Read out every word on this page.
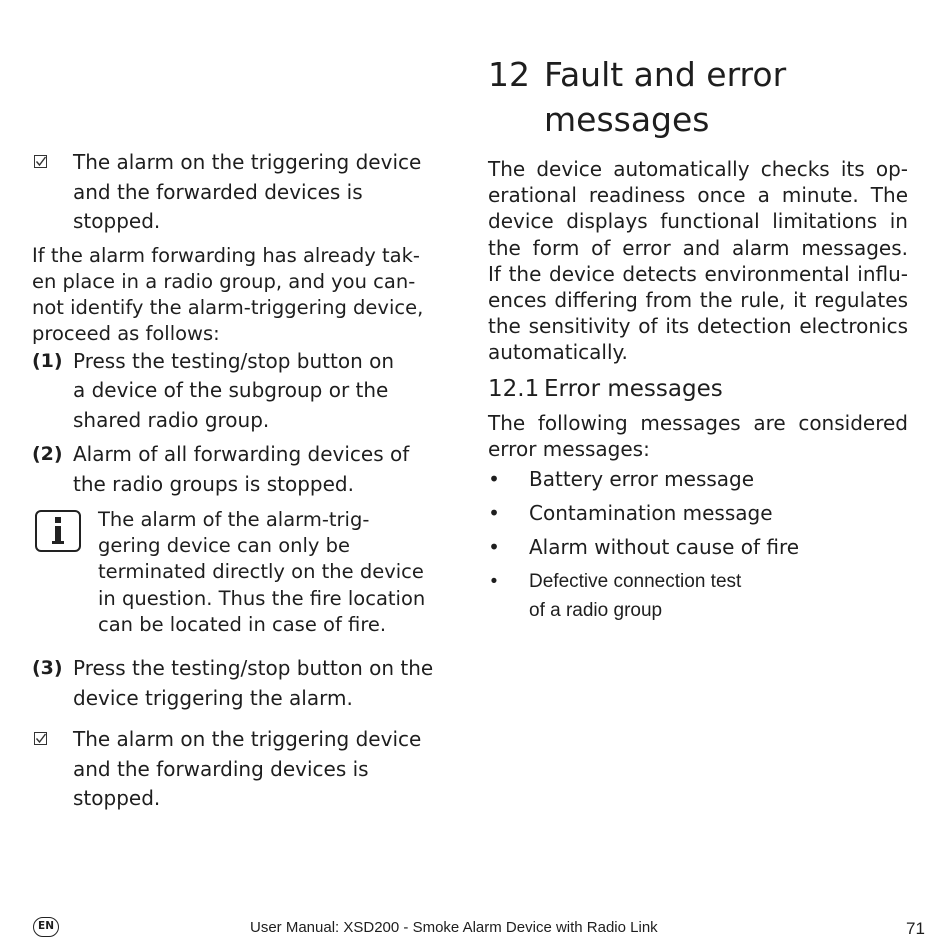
The alarm on the triggering device
and the forwarded devices is
stopped.

If the alarm forwarding has already tak-

en place in a radio group, and you can-

not identify the alarm-triggering device,

proceed as follows:

(1) Press the testing/stop button on
a device of the subgroup or the
shared radio group.
(2) Alarm of all forwarding devices of
the radio groups is stopped.
The alarm of the alarm-trig-
gering device can only be
terminated directly on the device
in question. Thus the fire location
can be located in case of fire.
(3) Press the testing/stop button on the
device triggering the alarm.
The alarm on the triggering device
and the forwarding devices is
stopped.
12 Fault and error
messages

The device automatically checks its op-

erational readiness once a minute. The

device displays functional limitations in

the form of error and alarm messages.

If the device detects environmental influ-

ences differing from the rule, it regulates

the sensitivity of its detection electronics

automatically.

12.1 Error messages

The following messages are considered

error messages:

• Battery error message
• Contamination message
• Alarm without cause of fire
• Defective connection test
of a radio group
EN	User Manual: XSD200 - Smoke Alarm Device with Radio Link	71
